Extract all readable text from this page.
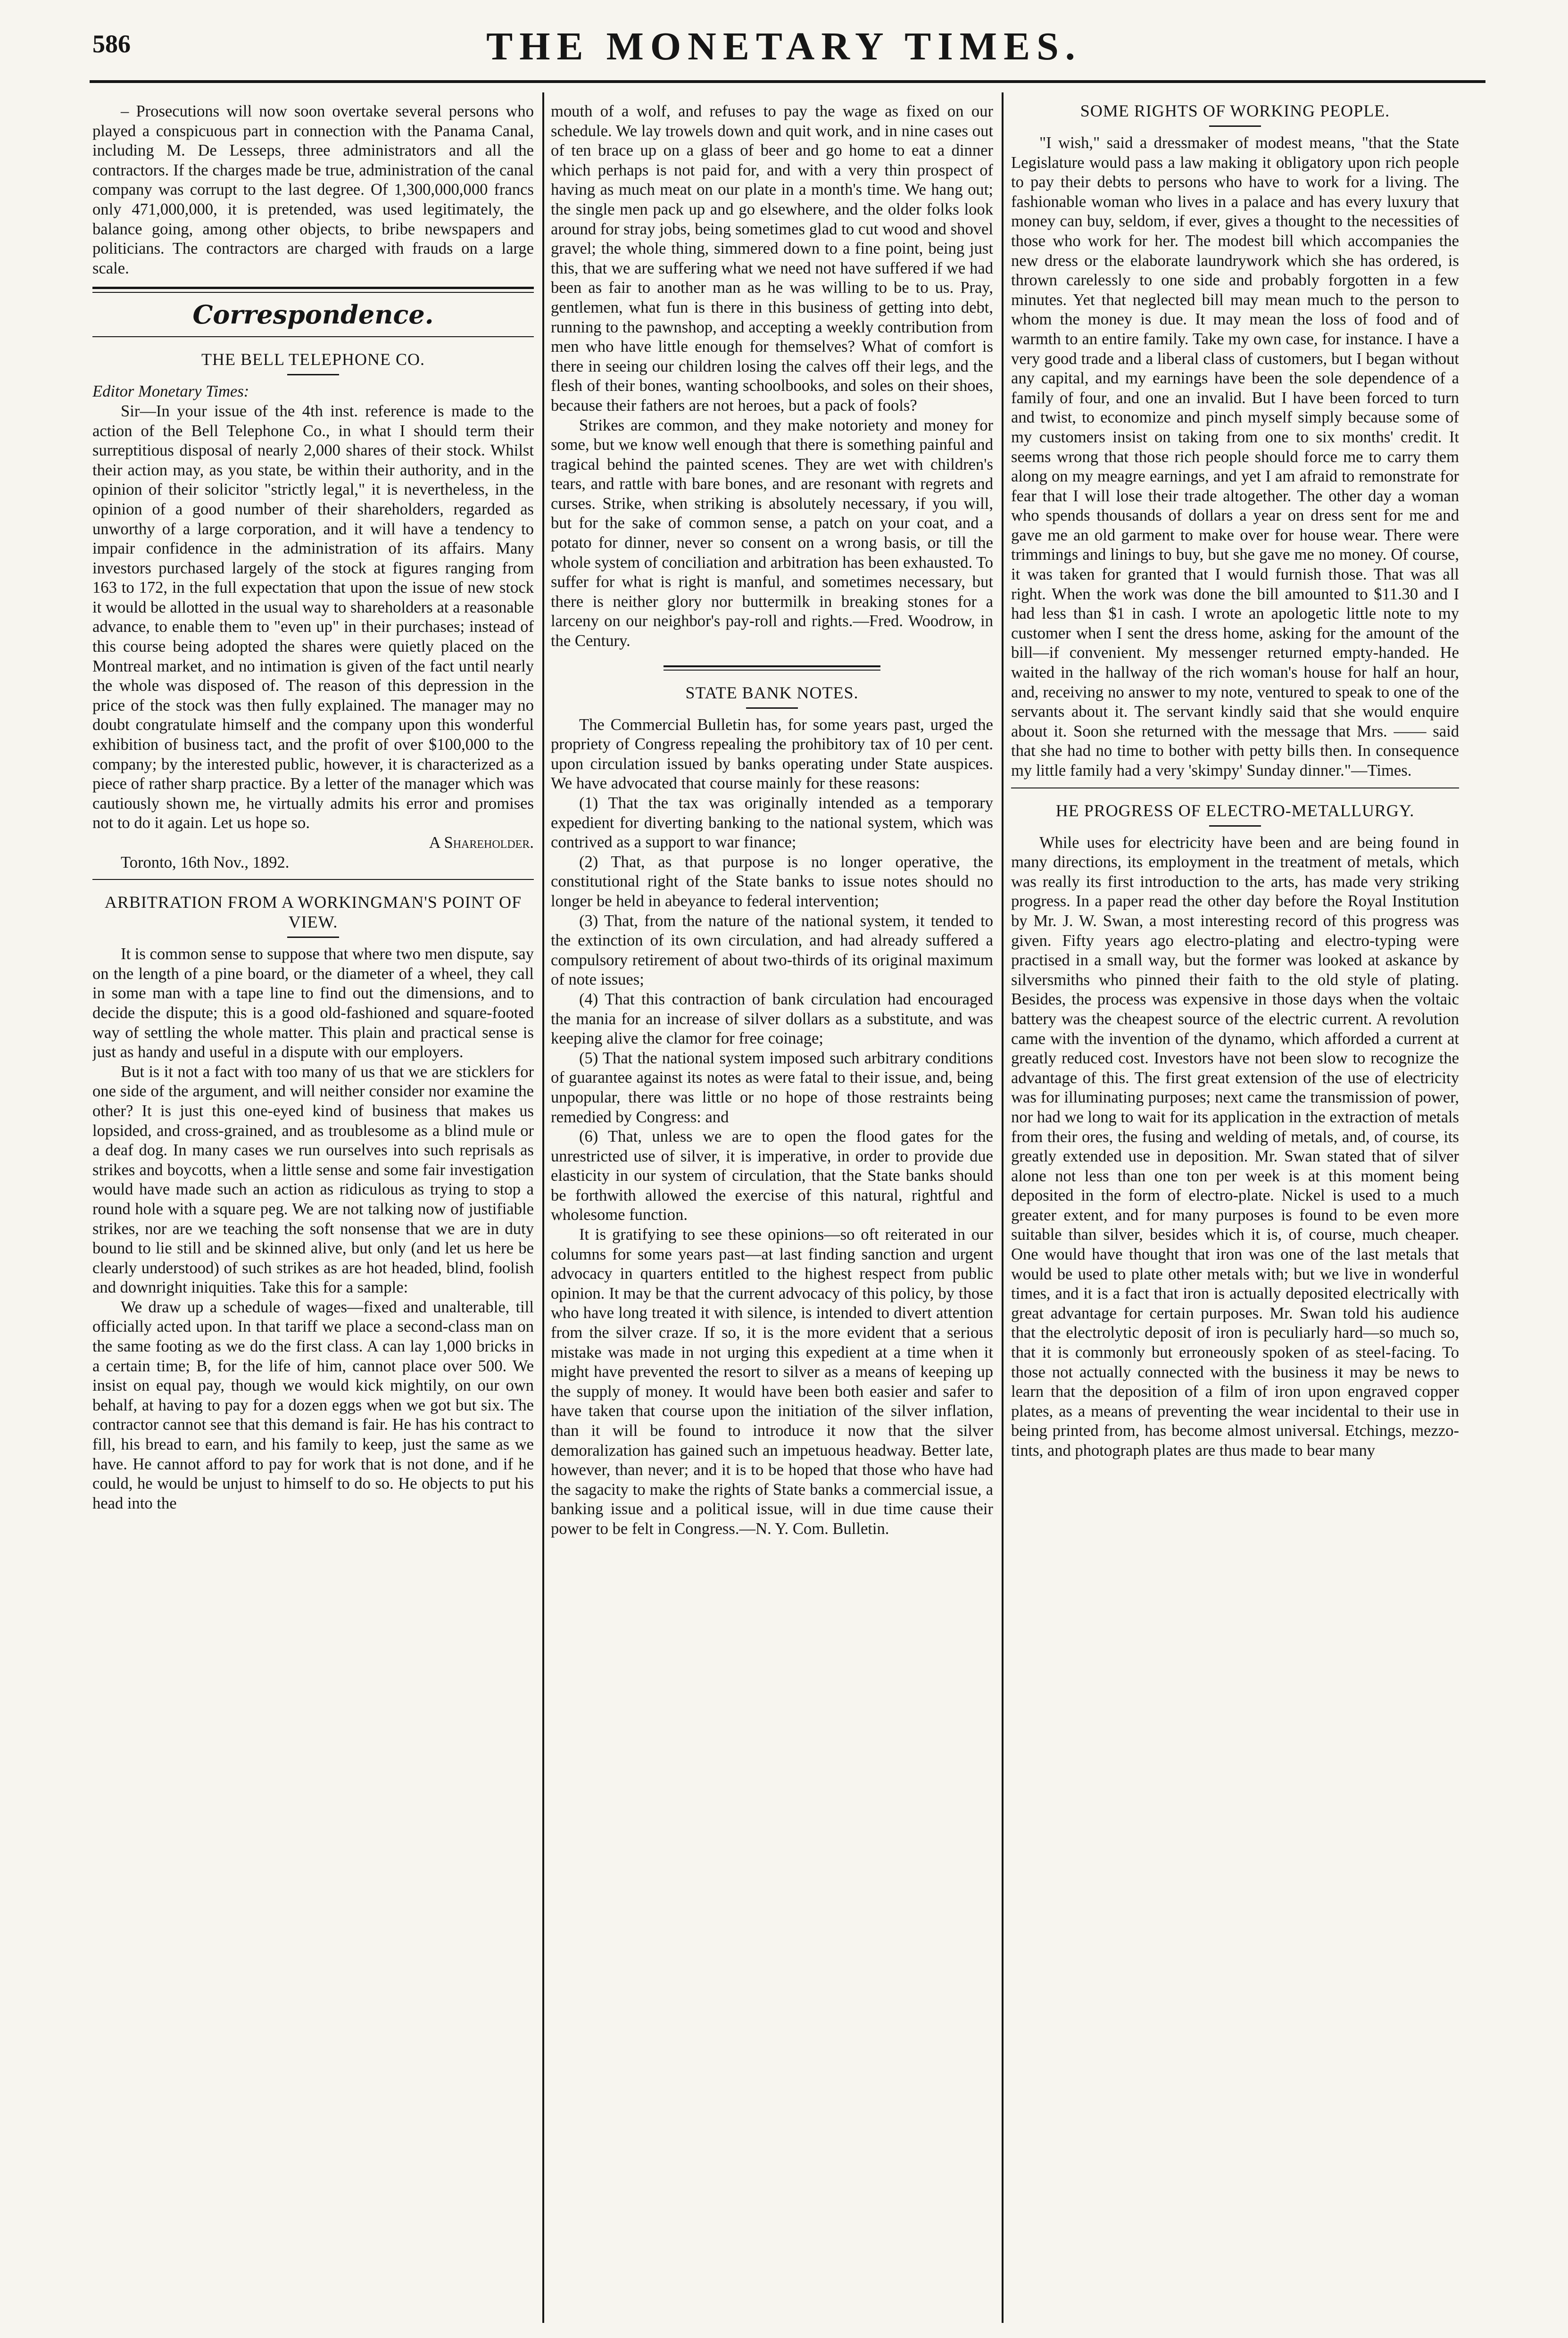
586	THE MONETARY TIMES.

– Prosecutions will now soon overtake several persons who played a conspicuous part in connection with the Panama Canal, including M. De Lesseps, three administrators and all the contractors. If the charges made be true, administration of the canal company was corrupt to the last degree. Of 1,300,000,000 francs only 471,000,000, it is pretended, was used legitimately, the balance going, among other objects, to bribe newspapers and politicians. The contractors are charged with frauds on a large scale.

Correspondence.
THE BELL TELEPHONE CO.

Editor Monetary Times:

Sir—In your issue of the 4th inst. reference is made to the action of the Bell Telephone Co., in what I should term their surreptitious disposal of nearly 2,000 shares of their stock. Whilst their action may, as you state, be within their authority, and in the opinion of their solicitor "strictly legal," it is nevertheless, in the opinion of a good number of their shareholders, regarded as unworthy of a large corporation, and it will have a tendency to impair confidence in the administration of its affairs. Many investors purchased largely of the stock at figures ranging from 163 to 172, in the full expectation that upon the issue of new stock it would be allotted in the usual way to shareholders at a reasonable advance, to enable them to "even up" in their purchases; instead of this course being adopted the shares were quietly placed on the Montreal market, and no intimation is given of the fact until nearly the whole was disposed of. The reason of this depression in the price of the stock was then fully explained. The manager may no doubt congratulate himself and the company upon this wonderful exhibition of business tact, and the profit of over $100,000 to the company; by the interested public, however, it is characterized as a piece of rather sharp practice. By a letter of the manager which was cautiously shown me, he virtually admits his error and promises not to do it again. Let us hope so.

A Shareholder.

Toronto, 16th Nov., 1892.

ARBITRATION FROM A WORKINGMAN'S POINT OF VIEW.

It is common sense to suppose that where two men dispute, say on the length of a pine board, or the diameter of a wheel, they call in some man with a tape line to find out the dimensions, and to decide the dispute; this is a good old-fashioned and square-footed way of settling the whole matter. This plain and practical sense is just as handy and useful in a dispute with our employers.

But is it not a fact with too many of us that we are sticklers for one side of the argument, and will neither consider nor examine the other? It is just this one-eyed kind of business that makes us lopsided, and cross-grained, and as troublesome as a blind mule or a deaf dog. In many cases we run ourselves into such reprisals as strikes and boycotts, when a little sense and some fair investigation would have made such an action as ridiculous as trying to stop a round hole with a square peg. We are not talking now of justifiable strikes, nor are we teaching the soft nonsense that we are in duty bound to lie still and be skinned alive, but only (and let us here be clearly understood) of such strikes as are hot headed, blind, foolish and downright iniquities. Take this for a sample:

We draw up a schedule of wages—fixed and unalterable, till officially acted upon. In that tariff we place a second-class man on the same footing as we do the first class. A can lay 1,000 bricks in a certain time; B, for the life of him, cannot place over 500. We insist on equal pay, though we would kick mightily, on our own behalf, at having to pay for a dozen eggs when we got but six. The contractor cannot see that this demand is fair. He has his contract to fill, his bread to earn, and his family to keep, just the same as we have. He cannot afford to pay for work that is not done, and if he could, he would be unjust to himself to do so. He objects to put his head into the

mouth of a wolf, and refuses to pay the wage as fixed on our schedule. We lay trowels down and quit work, and in nine cases out of ten brace up on a glass of beer and go home to eat a dinner which perhaps is not paid for, and with a very thin prospect of having as much meat on our plate in a month's time. We hang out; the single men pack up and go elsewhere, and the older folks look around for stray jobs, being sometimes glad to cut wood and shovel gravel; the whole thing, simmered down to a fine point, being just this, that we are suffering what we need not have suffered if we had been as fair to another man as he was willing to be to us. Pray, gentlemen, what fun is there in this business of getting into debt, running to the pawnshop, and accepting a weekly contribution from men who have little enough for themselves? What of comfort is there in seeing our children losing the calves off their legs, and the flesh of their bones, wanting schoolbooks, and soles on their shoes, because their fathers are not heroes, but a pack of fools?

Strikes are common, and they make notoriety and money for some, but we know well enough that there is something painful and tragical behind the painted scenes. They are wet with children's tears, and rattle with bare bones, and are resonant with regrets and curses. Strike, when striking is absolutely necessary, if you will, but for the sake of common sense, a patch on your coat, and a potato for dinner, never so consent on a wrong basis, or till the whole system of conciliation and arbitration has been exhausted. To suffer for what is right is manful, and sometimes necessary, but there is neither glory nor buttermilk in breaking stones for a larceny on our neighbor's pay-roll and rights.—Fred. Woodrow, in the Century.

STATE BANK NOTES.

The Commercial Bulletin has, for some years past, urged the propriety of Congress repealing the prohibitory tax of 10 per cent. upon circulation issued by banks operating under State auspices. We have advocated that course mainly for these reasons:

(1) That the tax was originally intended as a temporary expedient for diverting banking to the national system, which was contrived as a support to war finance;

(2) That, as that purpose is no longer operative, the constitutional right of the State banks to issue notes should no longer be held in abeyance to federal intervention;

(3) That, from the nature of the national system, it tended to the extinction of its own circulation, and had already suffered a compulsory retirement of about two-thirds of its original maximum of note issues;

(4) That this contraction of bank circulation had encouraged the mania for an increase of silver dollars as a substitute, and was keeping alive the clamor for free coinage;

(5) That the national system imposed such arbitrary conditions of guarantee against its notes as were fatal to their issue, and, being unpopular, there was little or no hope of those restraints being remedied by Congress: and

(6) That, unless we are to open the flood gates for the unrestricted use of silver, it is imperative, in order to provide due elasticity in our system of circulation, that the State banks should be forthwith allowed the exercise of this natural, rightful and wholesome function.

It is gratifying to see these opinions—so oft reiterated in our columns for some years past—at last finding sanction and urgent advocacy in quarters entitled to the highest respect from public opinion. It may be that the current advocacy of this policy, by those who have long treated it with silence, is intended to divert attention from the silver craze. If so, it is the more evident that a serious mistake was made in not urging this expedient at a time when it might have prevented the resort to silver as a means of keeping up the supply of money. It would have been both easier and safer to have taken that course upon the initiation of the silver inflation, than it will be found to introduce it now that the silver demoralization has gained such an impetuous headway. Better late, however, than never; and it is to be hoped that those who have had the sagacity to make the rights of State banks a commercial issue, a banking issue and a political issue, will in due time cause their power to be felt in Congress.—N. Y. Com. Bulletin.

SOME RIGHTS OF WORKING PEOPLE.

"I wish," said a dressmaker of modest means, "that the State Legislature would pass a law making it obligatory upon rich people to pay their debts to persons who have to work for a living. The fashionable woman who lives in a palace and has every luxury that money can buy, seldom, if ever, gives a thought to the necessities of those who work for her. The modest bill which accompanies the new dress or the elaborate laundrywork which she has ordered, is thrown carelessly to one side and probably forgotten in a few minutes. Yet that neglected bill may mean much to the person to whom the money is due. It may mean the loss of food and of warmth to an entire family. Take my own case, for instance. I have a very good trade and a liberal class of customers, but I began without any capital, and my earnings have been the sole dependence of a family of four, and one an invalid. But I have been forced to turn and twist, to economize and pinch myself simply because some of my customers insist on taking from one to six months' credit. It seems wrong that those rich people should force me to carry them along on my meagre earnings, and yet I am afraid to remonstrate for fear that I will lose their trade altogether. The other day a woman who spends thousands of dollars a year on dress sent for me and gave me an old garment to make over for house wear. There were trimmings and linings to buy, but she gave me no money. Of course, it was taken for granted that I would furnish those. That was all right. When the work was done the bill amounted to $11.30 and I had less than $1 in cash. I wrote an apologetic little note to my customer when I sent the dress home, asking for the amount of the bill—if convenient. My messenger returned empty-handed. He waited in the hallway of the rich woman's house for half an hour, and, receiving no answer to my note, ventured to speak to one of the servants about it. The servant kindly said that she would enquire about it. Soon she returned with the message that Mrs. —— said that she had no time to bother with petty bills then. In consequence my little family had a very 'skimpy' Sunday dinner."—Times.

HE PROGRESS OF ELECTRO-METALLURGY.

While uses for electricity have been and are being found in many directions, its employment in the treatment of metals, which was really its first introduction to the arts, has made very striking progress. In a paper read the other day before the Royal Institution by Mr. J. W. Swan, a most interesting record of this progress was given. Fifty years ago electro-plating and electro-typing were practised in a small way, but the former was looked at askance by silversmiths who pinned their faith to the old style of plating. Besides, the process was expensive in those days when the voltaic battery was the cheapest source of the electric current. A revolution came with the invention of the dynamo, which afforded a current at greatly reduced cost. Investors have not been slow to recognize the advantage of this. The first great extension of the use of electricity was for illuminating purposes; next came the transmission of power, nor had we long to wait for its application in the extraction of metals from their ores, the fusing and welding of metals, and, of course, its greatly extended use in deposition. Mr. Swan stated that of silver alone not less than one ton per week is at this moment being deposited in the form of electro-plate. Nickel is used to a much greater extent, and for many purposes is found to be even more suitable than silver, besides which it is, of course, much cheaper. One would have thought that iron was one of the last metals that would be used to plate other metals with; but we live in wonderful times, and it is a fact that iron is actually deposited electrically with great advantage for certain purposes. Mr. Swan told his audience that the electrolytic deposit of iron is peculiarly hard—so much so, that it is commonly but erroneously spoken of as steel-facing. To those not actually connected with the business it may be news to learn that the deposition of a film of iron upon engraved copper plates, as a means of preventing the wear incidental to their use in being printed from, has become almost universal. Etchings, mezzo-tints, and photograph plates are thus made to bear many
